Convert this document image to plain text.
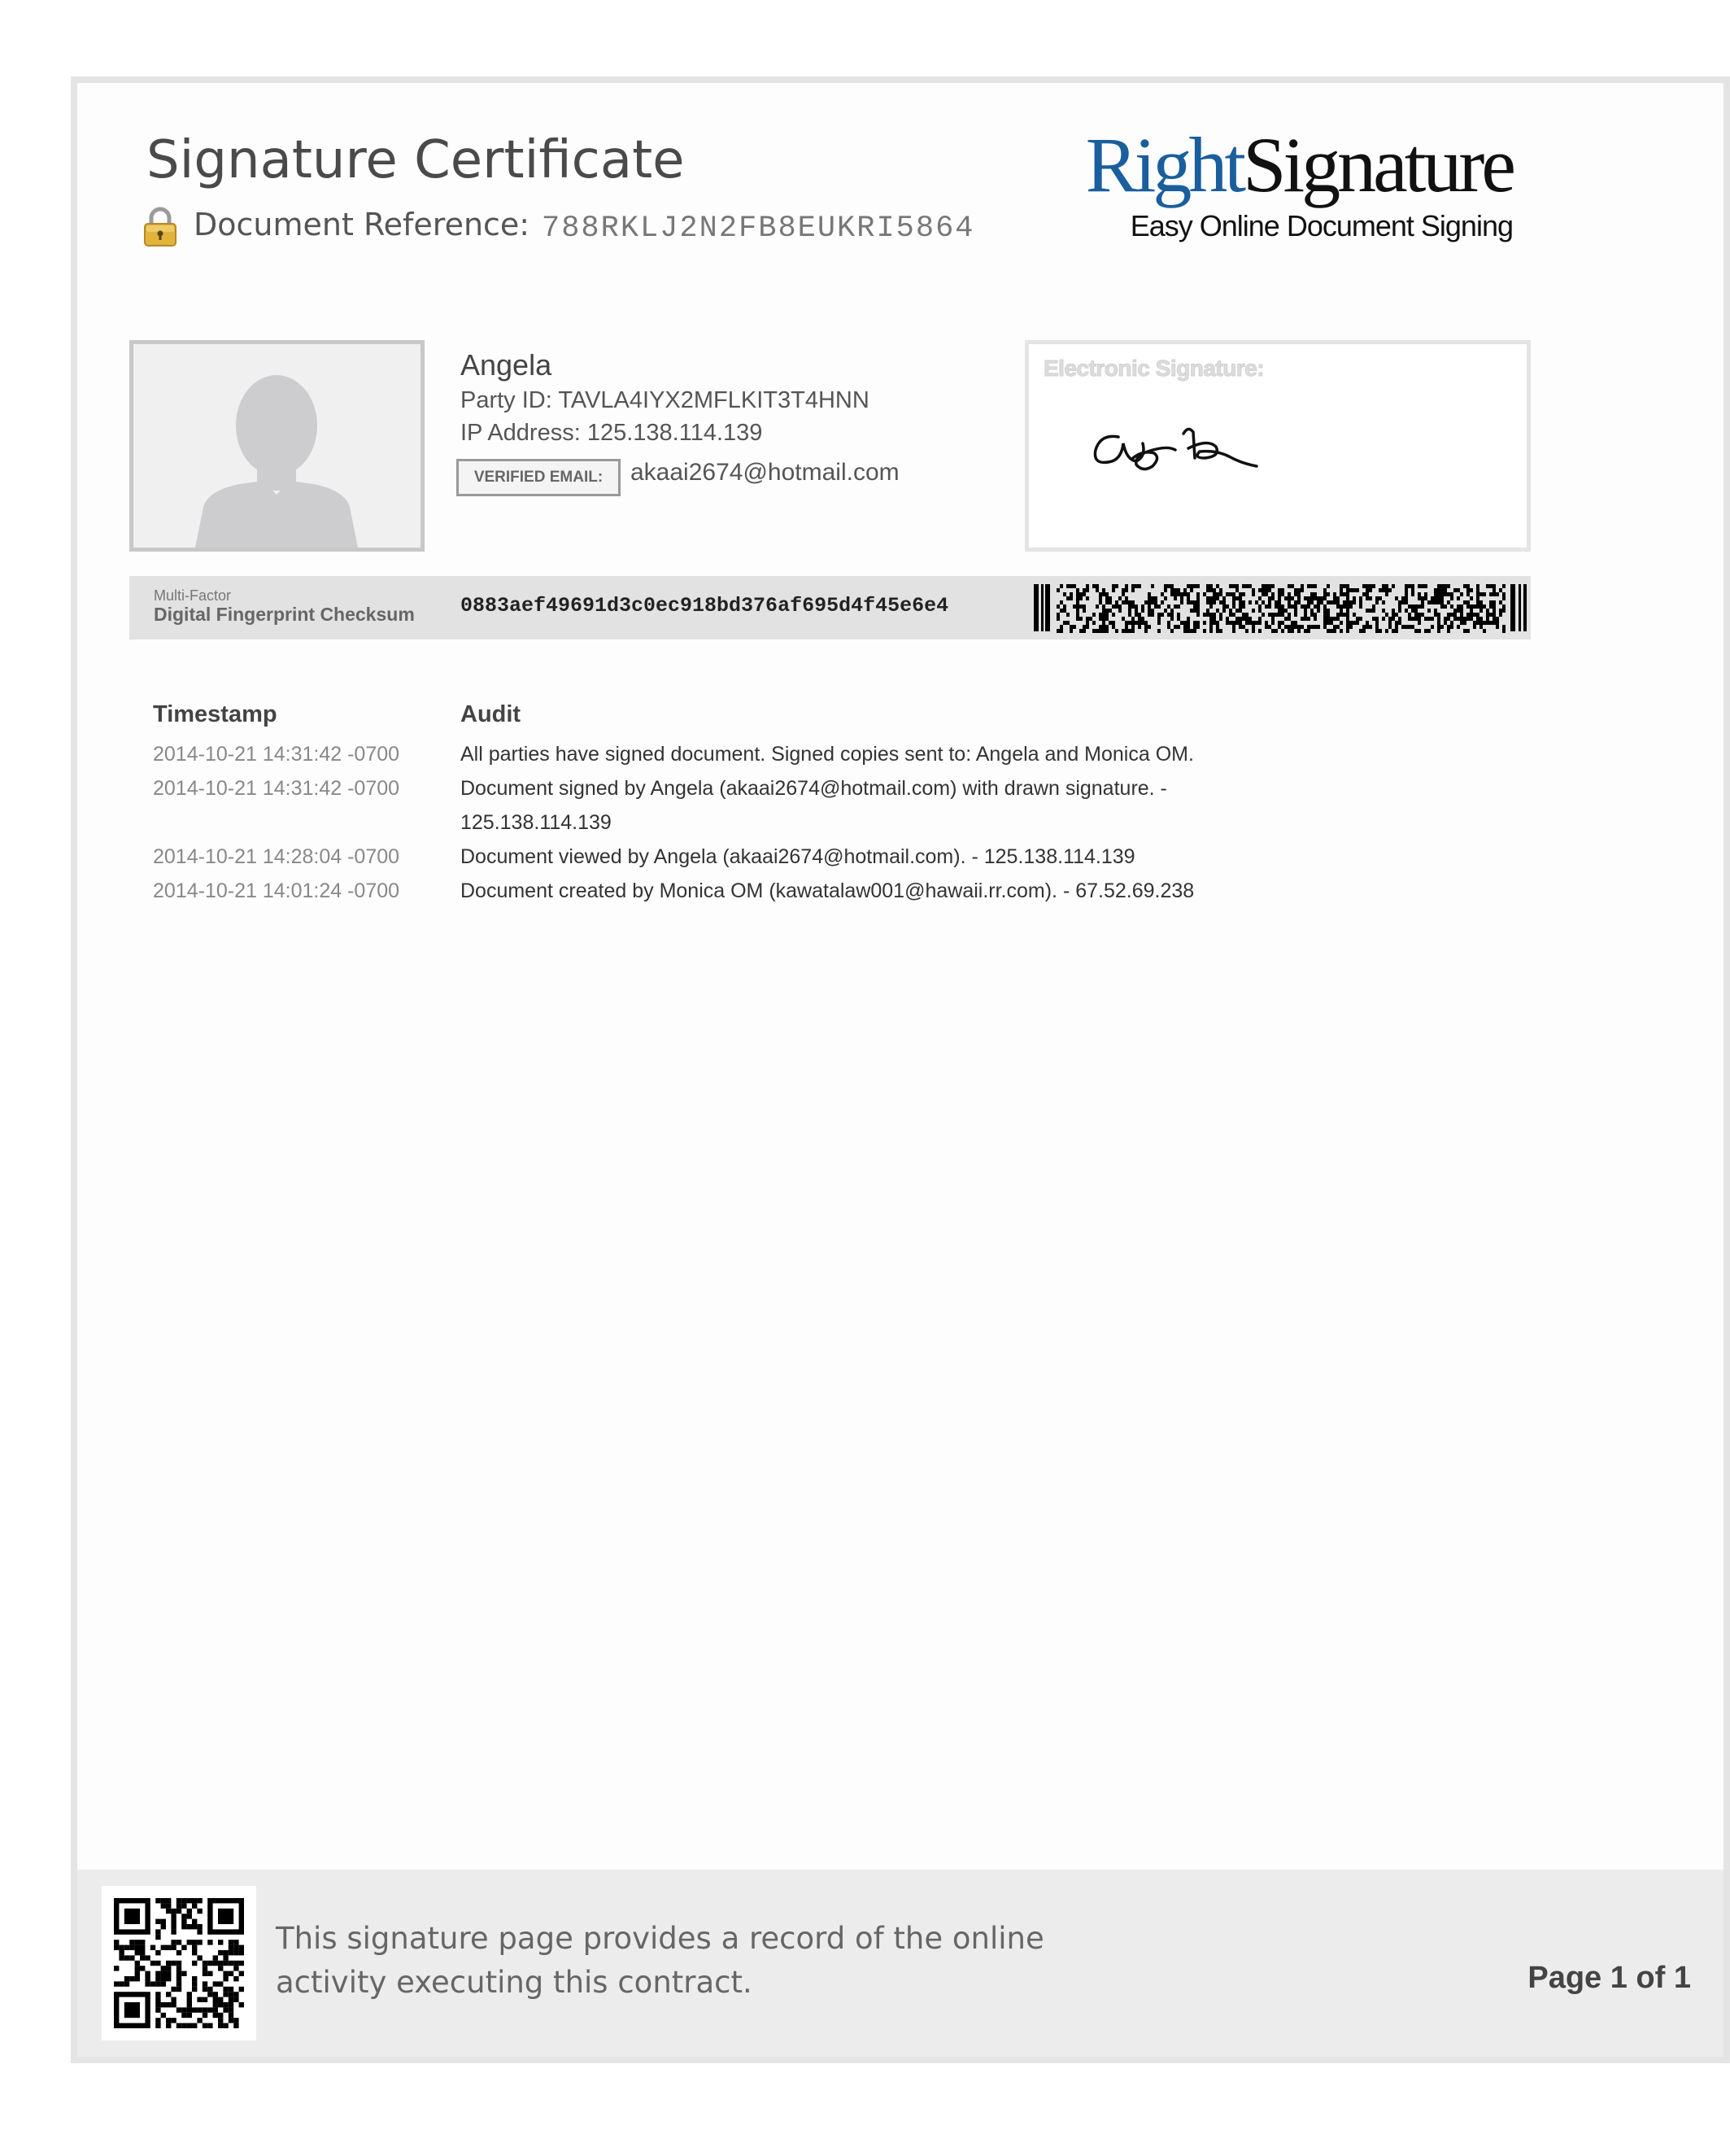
Signature Certificate
Document Reference: 788RKLJ2N2FB8EUKRI5864
RightSignature
Easy Online Document Signing
Angela
Party ID: TAVLA4IYX2MFLKIT3T4HNN
IP Address: 125.138.114.139
VERIFIED EMAIL:	akaai2674@hotmail.com
Electronic Signature:
Multi-Factor
Digital Fingerprint Checksum 0883aef49691d3c0ec918bd376af695d4f45e6e4
Timestamp	Audit
2014-10-21 14:31:42 -0700	All parties have signed document. Signed copies sent to: Angela and Monica OM.
2014-10-21 14:31:42 -0700	Document signed by Angela (akaai2674@hotmail.com) with drawn signature. - 125.138.114.139
2014-10-21 14:28:04 -0700	Document viewed by Angela (akaai2674@hotmail.com). - 125.138.114.139
2014-10-21 14:01:24 -0700	Document created by Monica OM (kawatalaw001@hawaii.rr.com). - 67.52.69.238
This signature page provides a record of the online activity executing this contract.	Page 1 of 1
